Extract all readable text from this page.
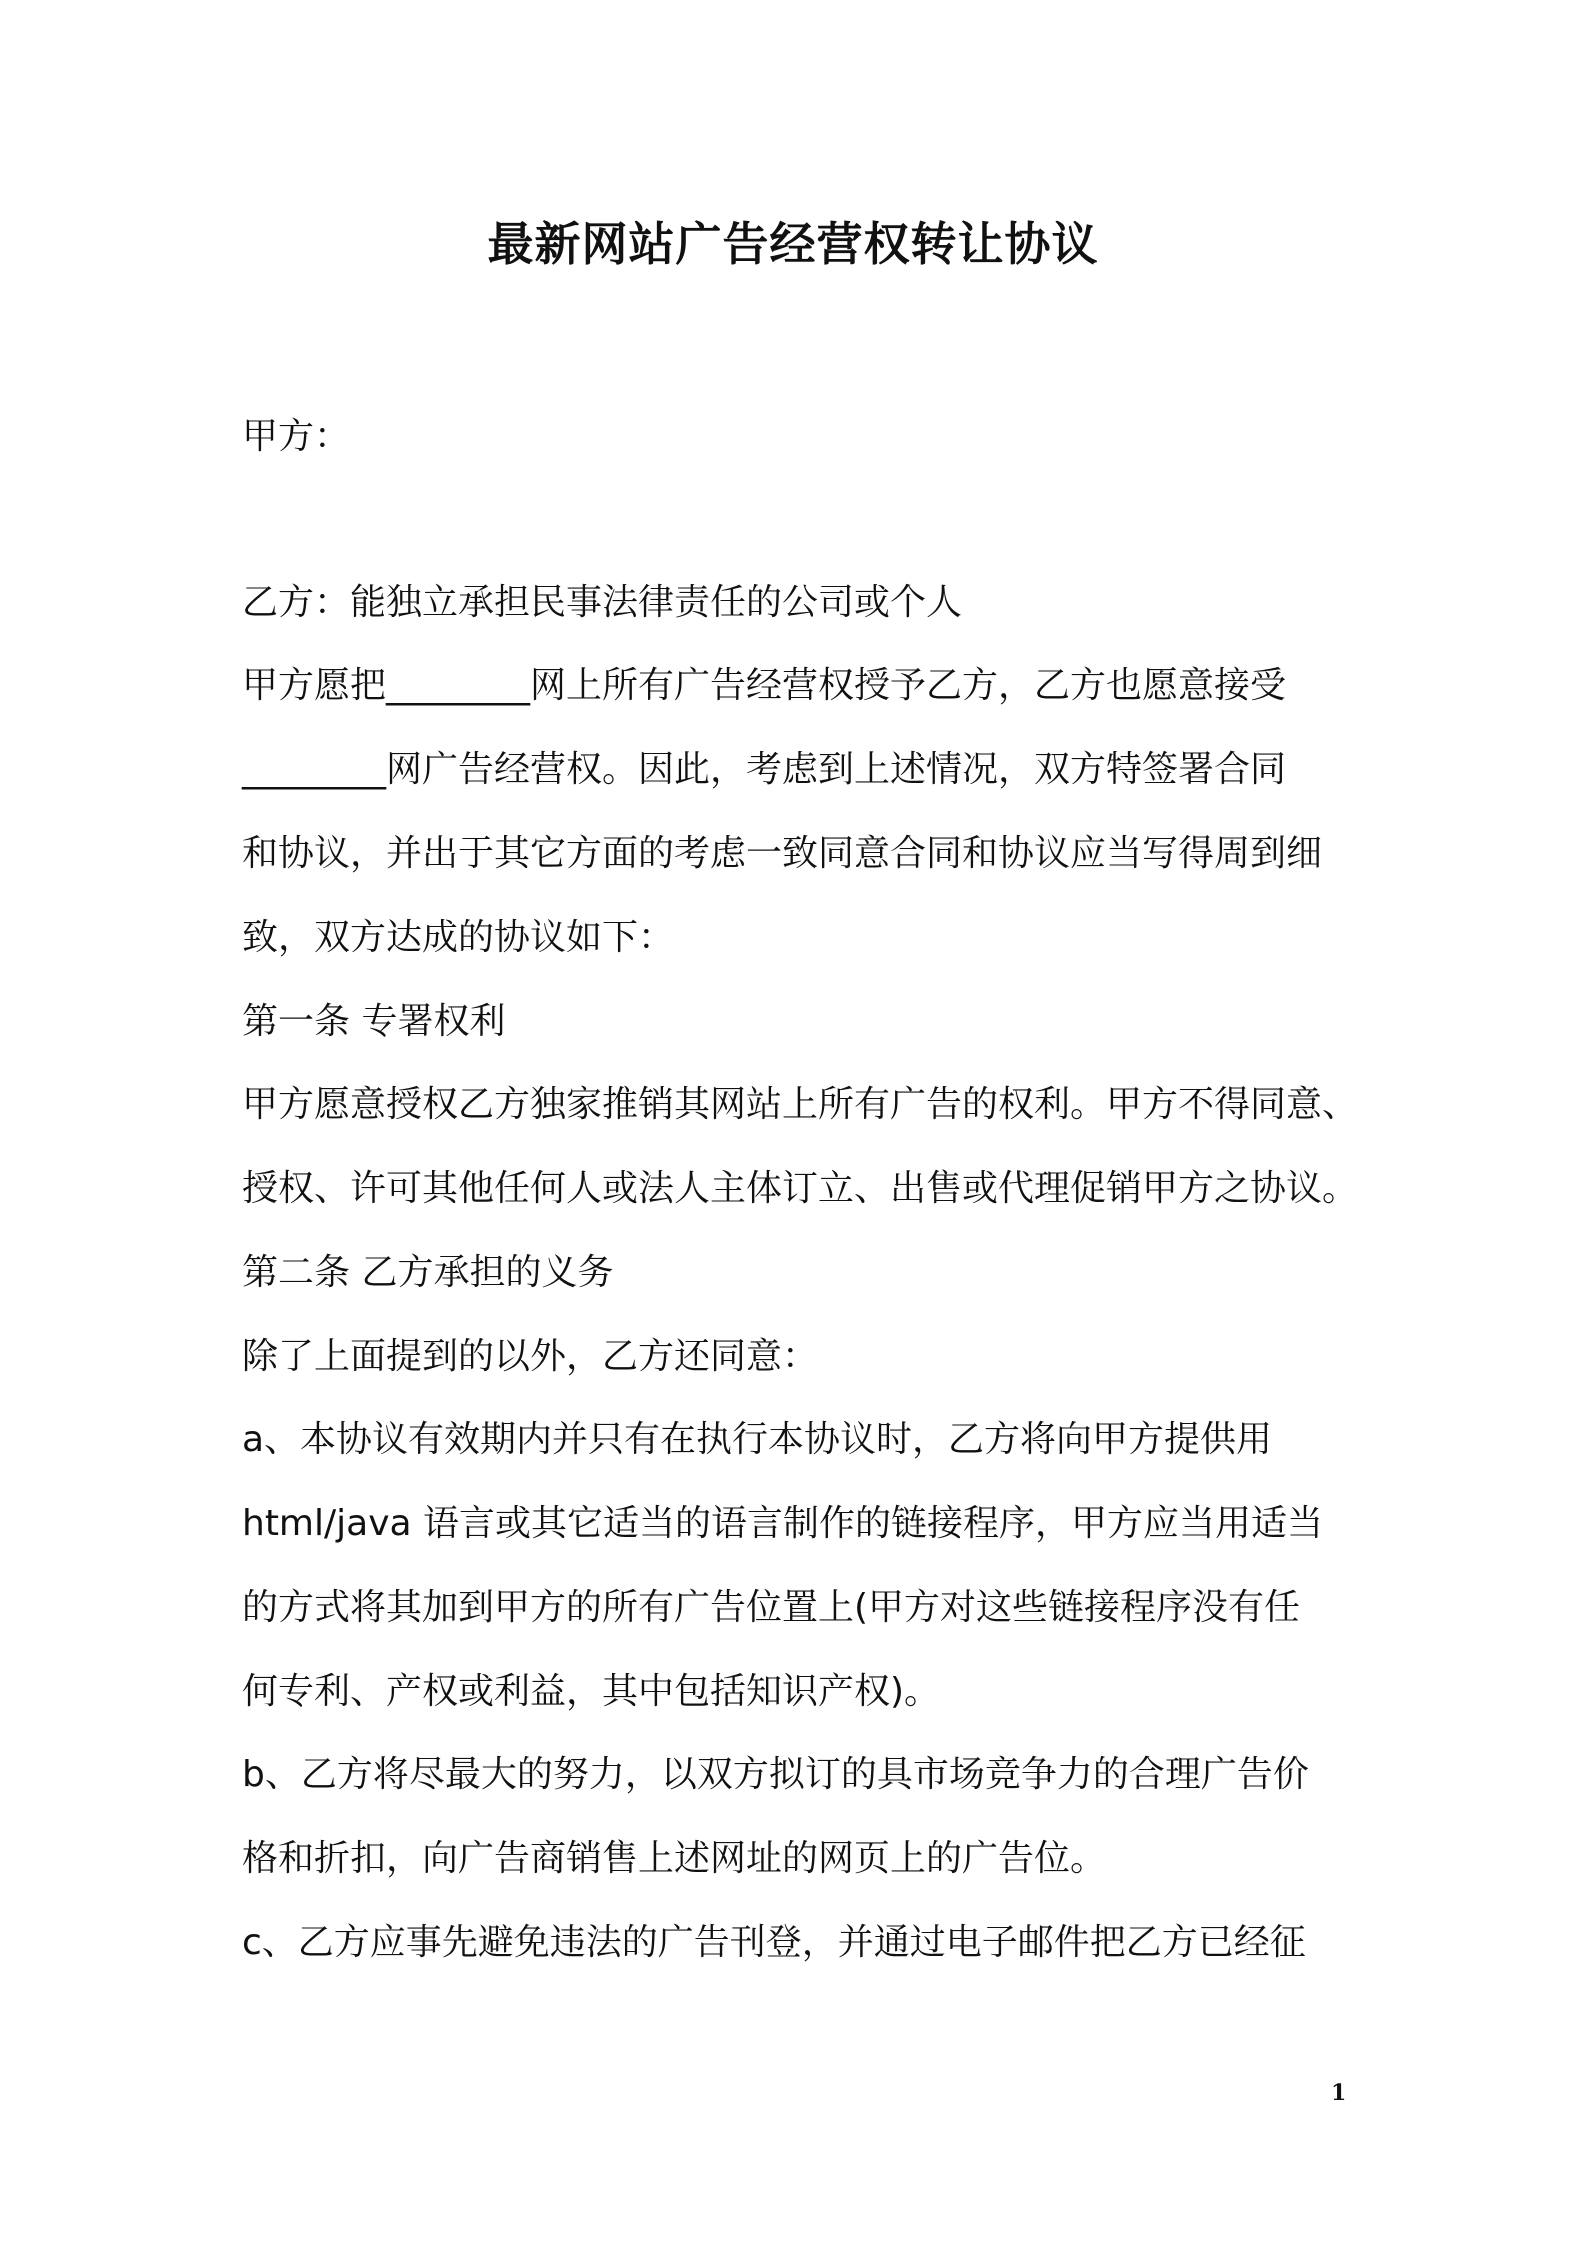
最新网站广告经营权转让协议

甲方：

乙方：能独立承担民事法律责任的公司或个人

甲方愿把________网上所有广告经营权授予乙方，乙方也愿意接受

________网广告经营权。因此，考虑到上述情况，双方特签署合同

和协议，并出于其它方面的考虑一致同意合同和协议应当写得周到细

致，双方达成的协议如下：

第一条 专署权利

甲方愿意授权乙方独家推销其网站上所有广告的权利。甲方不得同意、

授权、许可其他任何人或法人主体订立、出售或代理促销甲方之协议。

第二条 乙方承担的义务

除了上面提到的以外，乙方还同意：

a、本协议有效期内并只有在执行本协议时，乙方将向甲方提供用

html/java 语言或其它适当的语言制作的链接程序，甲方应当用适当

的方式将其加到甲方的所有广告位置上(甲方对这些链接程序没有任

何专利、产权或利益，其中包括知识产权)。

b、乙方将尽最大的努力，以双方拟订的具市场竞争力的合理广告价

格和折扣，向广告商销售上述网址的网页上的广告位。

c、乙方应事先避免违法的广告刊登，并通过电子邮件把乙方已经征

1
